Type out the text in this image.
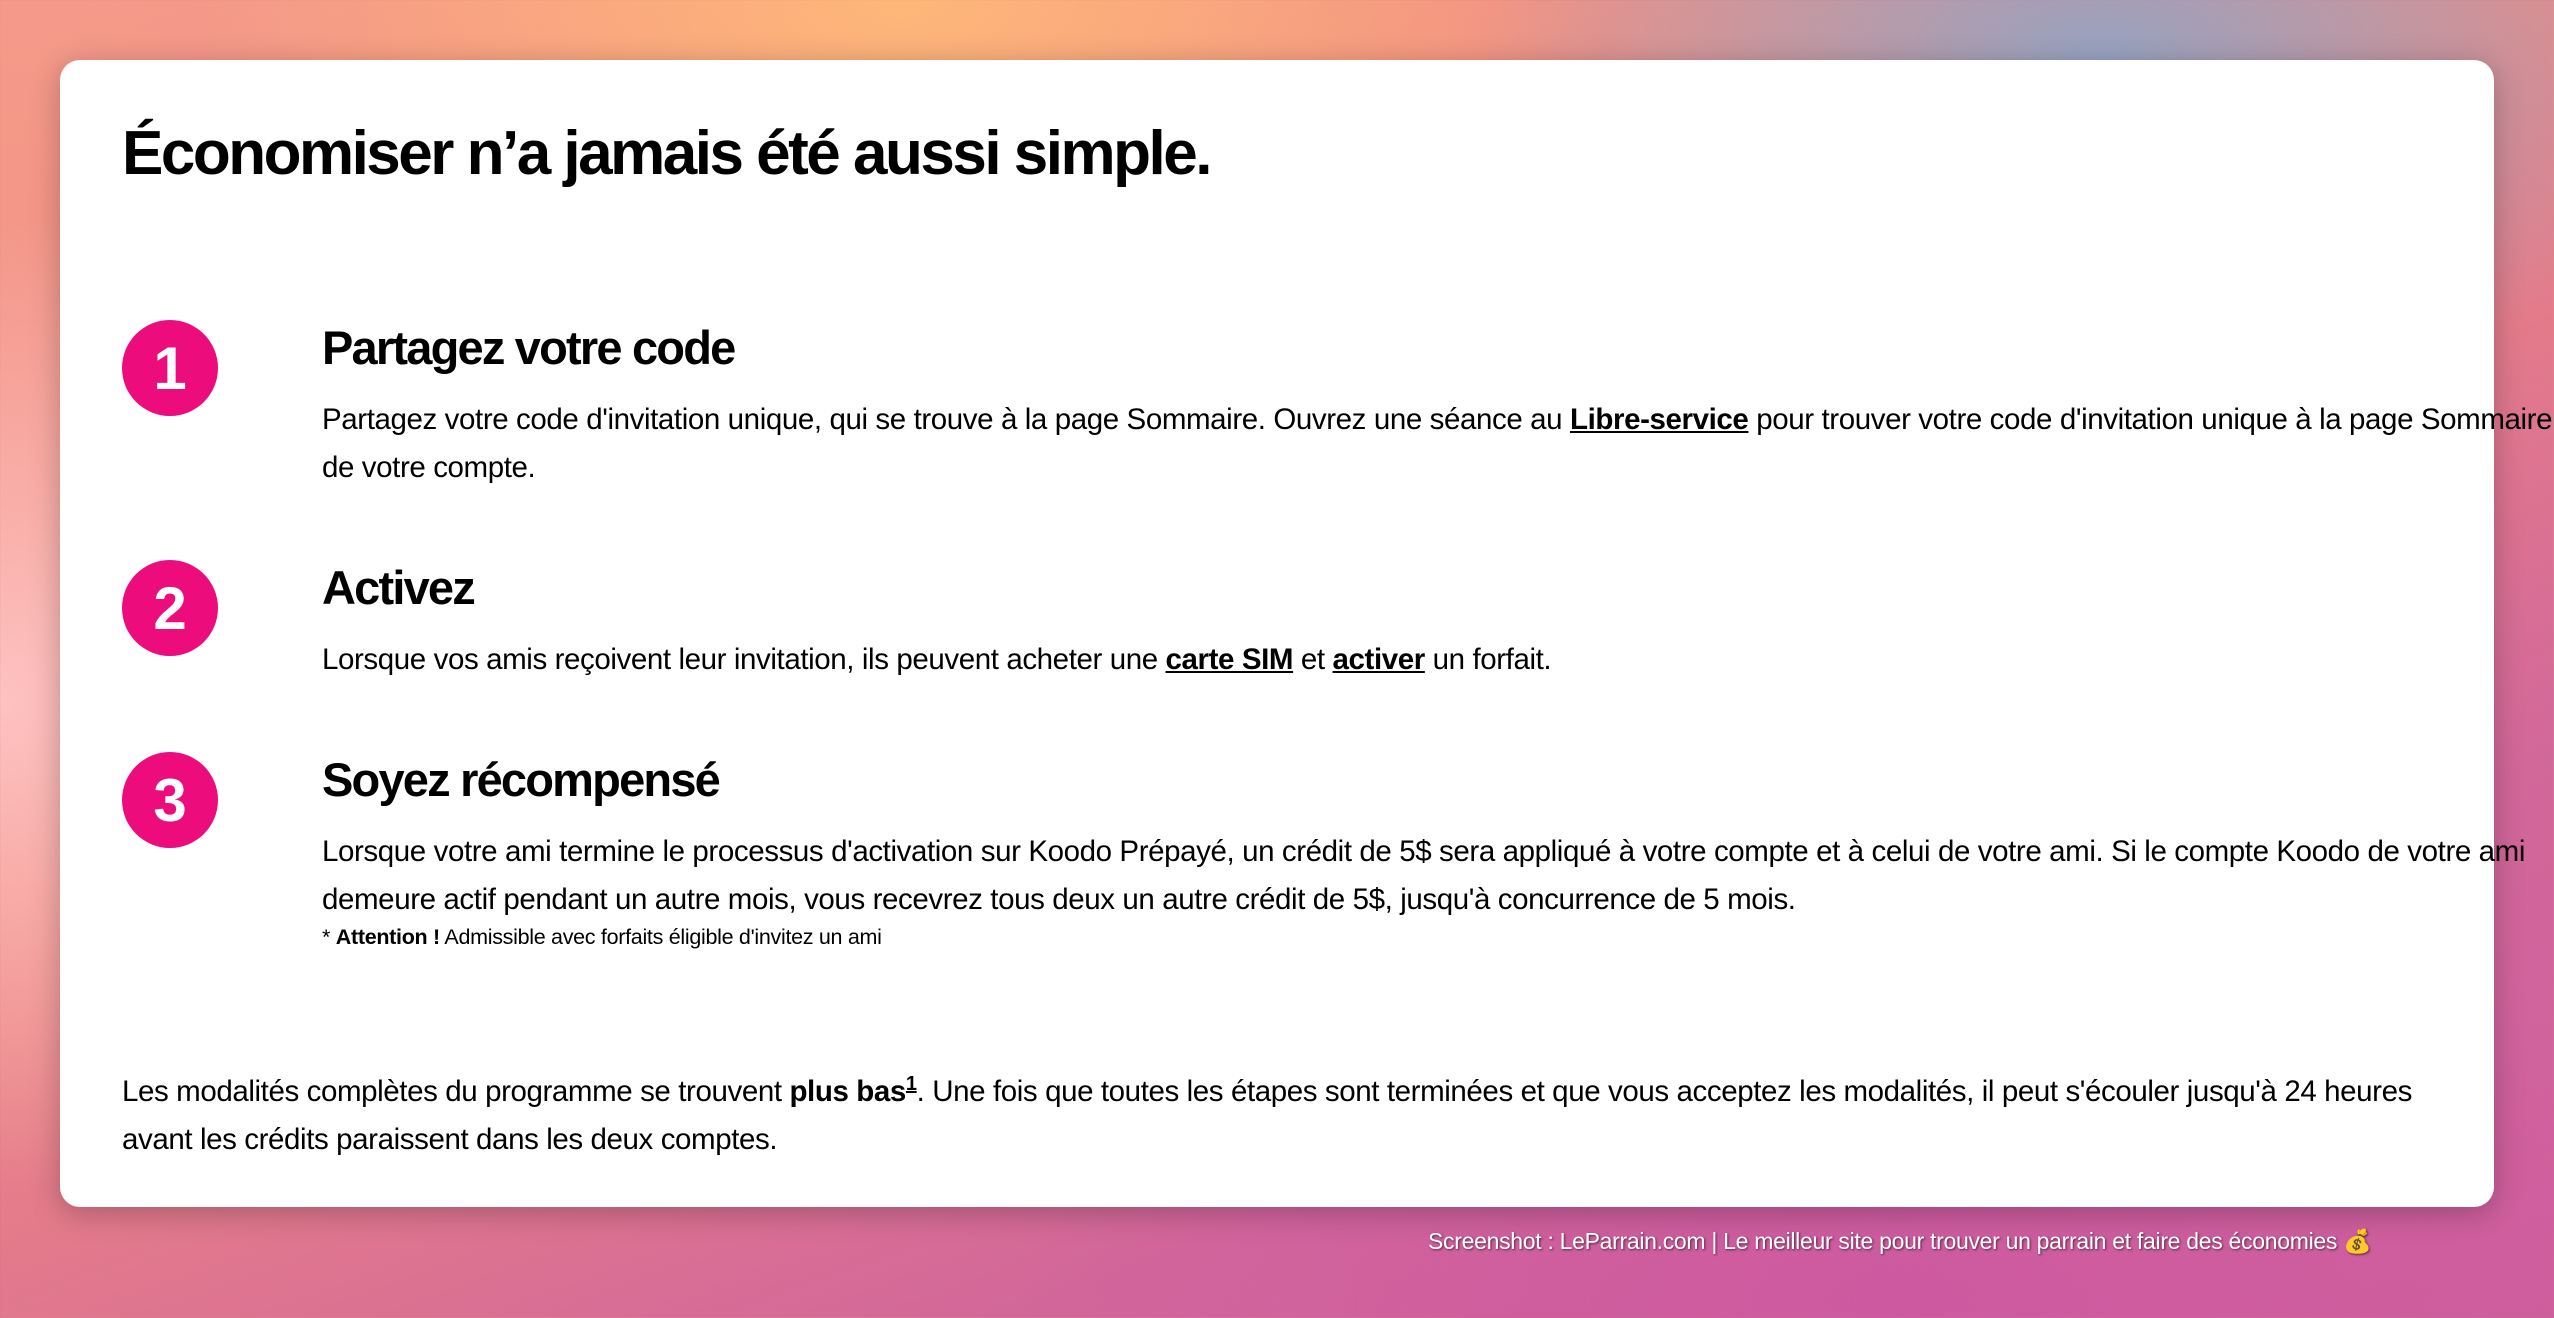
Économiser n’a jamais été aussi simple.
1	Partagez votre code

Partagez votre code d'invitation unique, qui se trouve à la page Sommaire. Ouvrez une séance au Libre-service pour trouver votre code d'invitation unique à la page Sommaire de votre compte.

2	Activez

Lorsque vos amis reçoivent leur invitation, ils peuvent acheter une carte SIM et activer un forfait.

3	Soyez récompensé

Lorsque votre ami termine le processus d'activation sur Koodo Prépayé, un crédit de 5$ sera appliqué à votre compte et à celui de votre ami. Si le compte Koodo de votre ami demeure actif pendant un autre mois, vous recevrez tous deux un autre crédit de 5$, jusqu'à concurrence de 5 mois.

* Attention ! Admissible avec forfaits éligible d'invitez un ami

Les modalités complètes du programme se trouvent plus bas$^1$. Une fois que toutes les étapes sont terminées et que vous acceptez les modalités, il peut s'écouler jusqu'à 24 heures avant les crédits paraissent dans les deux comptes.

Screenshot : LeParrain.com | Le meilleur site pour trouver un parrain et faire des économies 💰
